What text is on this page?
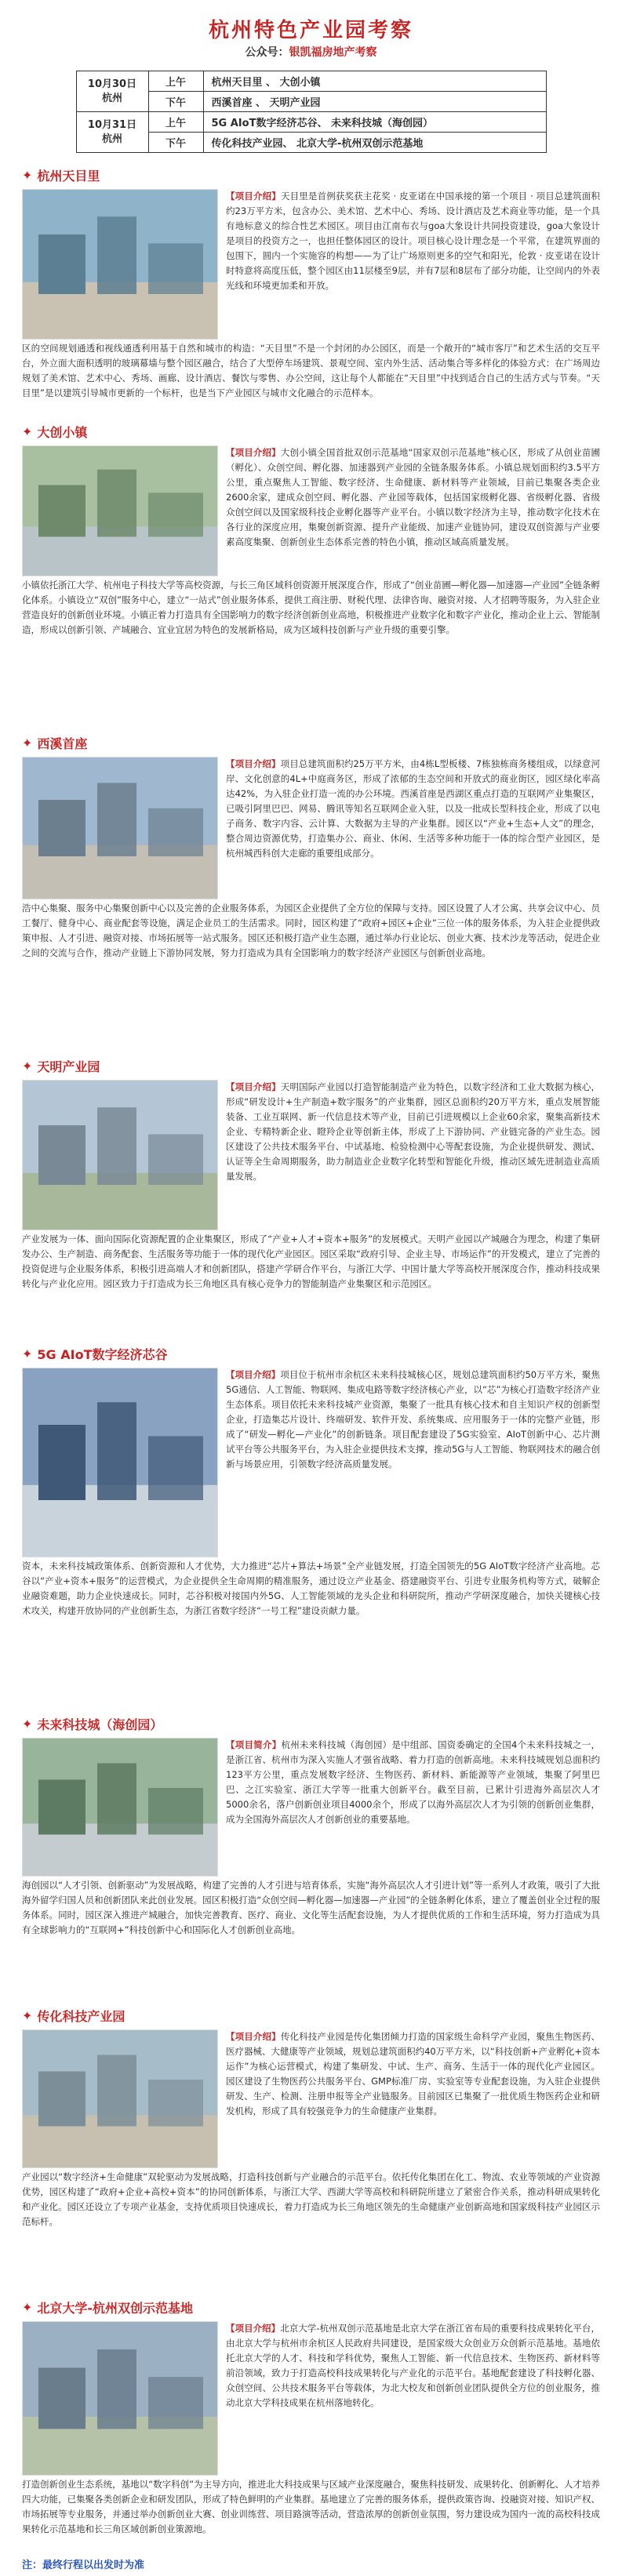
杭州特色产业园考察
公众号：银凯福房地产考察
10月30日 杭州	上午	杭州天目里 、 大创小镇
	下午	西溪首座 、 天明产业园
10月31日 杭州	上午	5G AIoT数字经济芯谷、 未来科技城（海创园）
	下午	传化科技产业园、 北京大学-杭州双创示范基地
✦ 杭州天目里
【项目介绍】天目里是首例获奖获主花奖 · 皮亚诺在中国承接的第一个项目 · 项目总建筑面积约23万平方米，包含办公、美术馆、艺术中心、秀场、设计酒店及艺术商业等功能，是一个具有地标意义的综合性艺术园区。项目由江南布衣与goa大象设计共同投资建设，goa大象设计是项目的投资方之一，也担任整体园区的设计。项目核心设计理念是一个平常，在建筑界面的包围下，圆内一个实施容的构想——为了让广场原则更多的空气和阳光，伦敦 · 皮亚诺在设计时特意将高度压低，整个园区由11层楼至9层，并有7层和8层布了部分功能，让空间内的外表光线和环境更加柔和开放。
区的空间规划通透和视线通透利用基于自然和城市的构造：“天目里”不是一个封闭的办公园区，而是一个敞开的“城市客厅”和艺术生活的交互平台，外立面大面积透明的玻璃幕墙与整个园区融合，结合了大型停车场建筑、景观空间、室内外生活、活动集合等多样化的体验方式：在广场周边规划了美术馆、艺术中心、秀场、画廊、设计酒店、餐饮与零售、办公空间，这让每个人都能在“天目里”中找到适合自己的生活方式与节奏。“天目里”是以建筑引导城市更新的一个标杆，也是当下产业园区与城市文化融合的示范样本。
✦ 大创小镇
【项目介绍】大创小镇全国首批双创示范基地“国家双创示范基地”核心区，形成了从创业苗圃（孵化）、众创空间、孵化器、加速器到产业园的全链条服务体系。小镇总规划面积约3.5平方公里，重点聚焦人工智能、数字经济、生命健康、新材料等产业领域，目前已集聚各类企业2600余家，建成众创空间、孵化器、产业园等载体，包括国家级孵化器、省级孵化器、省级众创空间以及国家级科技企业孵化器等产业平台。小镇以数字经济为主导，推动数字化技术在各行业的深度应用，集聚创新资源、提升产业能级、加速产业链协同，建设双创资源与产业要素高度集聚、创新创业生态体系完善的特色小镇，推动区域高质量发展。
小镇依托浙江大学、杭州电子科技大学等高校资源，与长三角区域科创资源开展深度合作，形成了“创业苗圃—孵化器—加速器—产业园”全链条孵化体系。小镇设立“双创”服务中心，建立“一站式”创业服务体系，提供工商注册、财税代理、法律咨询、融资对接、人才招聘等服务，为入驻企业营造良好的创新创业环境。小镇正着力打造具有全国影响力的数字经济创新创业高地，积极推进产业数字化和数字产业化，推动企业上云、智能制造，形成以创新引领、产城融合、宜业宜居为特色的发展新格局，成为区域科技创新与产业升级的重要引擎。
✦ 西溪首座
【项目介绍】项目总建筑面积约25万平方米，由4栋L型板楼、7栋独栋商务楼组成，以绿意河岸、文化创意的4L+中庭商务区，形成了浓郁的生态空间和开放式的商业街区，园区绿化率高达42%，为入驻企业打造一流的办公环境。西溪首座是西湖区重点打造的互联网产业集聚区，已吸引阿里巴巴、网易、腾讯等知名互联网企业入驻，以及一批成长型科技企业，形成了以电子商务、数字内容、云计算、大数据为主导的产业集群。园区以“产业+生态+人文”的理念，整合周边资源优势，打造集办公、商业、休闲、生活等多种功能于一体的综合型产业园区，是杭州城西科创大走廊的重要组成部分。
浩中心集聚、服务中心集聚创新中心以及完善的企业服务体系，为园区企业提供了全方位的保障与支持。园区设置了人才公寓、共享会议中心、员工餐厅、健身中心、商业配套等设施，满足企业员工的生活需求。同时，园区构建了“政府+园区+企业”三位一体的服务体系，为入驻企业提供政策申报、人才引进、融资对接、市场拓展等一站式服务。园区还积极打造产业生态圈，通过举办行业论坛、创业大赛、技术沙龙等活动，促进企业之间的交流与合作，推动产业链上下游协同发展，努力打造成为具有全国影响力的数字经济产业园区与创新创业高地。
✦ 天明产业园
【项目介绍】天明国际产业园以打造智能制造产业为特色，以数字经济和工业大数据为核心，形成“研发设计+生产制造+数字服务”的产业集群，园区总面积约20万平方米，重点发展智能装备、工业互联网、新一代信息技术等产业，目前已引进规模以上企业60余家，聚集高新技术企业、专精特新企业、瞪羚企业等创新主体，形成了上下游协同、产业链完备的产业生态。园区建设了公共技术服务平台、中试基地、检验检测中心等配套设施，为企业提供研发、测试、认证等全生命周期服务，助力制造业企业数字化转型和智能化升级，推动区域先进制造业高质量发展。
产业发展为一体、面向国际化资源配置的企业集聚区，形成了“产业+人才+资本+服务”的发展模式。天明产业园以产城融合为理念，构建了集研发办公、生产制造、商务配套、生活服务等功能于一体的现代化产业园区。园区采取“政府引导、企业主导、市场运作”的开发模式，建立了完善的投资促进与企业服务体系，积极引进高端人才和创新团队，搭建产学研合作平台，与浙江大学、中国计量大学等高校开展深度合作，推动科技成果转化与产业化应用。园区致力于打造成为长三角地区具有核心竞争力的智能制造产业集聚区和示范园区。
✦ 5G AIoT数字经济芯谷
【项目介绍】项目位于杭州市余杭区未来科技城核心区，规划总建筑面积约50万平方米，聚焦5G通信、人工智能、物联网、集成电路等数字经济核心产业，以“芯”为核心打造数字经济产业生态体系。项目依托未来科技城产业资源，集聚了一批具有核心技术和自主知识产权的创新型企业，打造集芯片设计、终端研发、软件开发、系统集成、应用服务于一体的完整产业链，形成了“研发—孵化—产业化”的创新链条。项目配套建设了5G实验室、AIoT创新中心、芯片测试平台等公共服务平台，为入驻企业提供技术支撑，推动5G与人工智能、物联网技术的融合创新与场景应用，引领数字经济高质量发展。
资本，未来科技城政策体系、创新资源和人才优势，大力推进“芯片+算法+场景”全产业链发展，打造全国领先的5G AIoT数字经济产业高地。芯谷以“产业+资本+服务”的运营模式，为企业提供全生命周期的精准服务，通过设立产业基金、搭建融资平台、引进专业服务机构等方式，破解企业融资难题，助力企业快速成长。同时，芯谷积极对接国内外5G、人工智能领域的龙头企业和科研院所，推动产学研深度融合，加快关键核心技术攻关，构建开放协同的产业创新生态，为浙江省数字经济“一号工程”建设贡献力量。
✦ 未来科技城（海创园）
【项目简介】杭州未来科技城（海创园）是中组部、国资委确定的全国4个未来科技城之一，是浙江省、杭州市为深入实施人才强省战略、着力打造的创新高地。未来科技城规划总面积约123平方公里，重点发展数字经济、生物医药、新材料、新能源等产业领域，集聚了阿里巴巴、之江实验室、浙江大学等一批重大创新平台。截至目前，已累计引进海外高层次人才5000余名，落户创新创业项目4000余个，形成了以海外高层次人才为引领的创新创业集群，成为全国海外高层次人才创新创业的重要基地。
海创园以“人才引领、创新驱动”为发展战略，构建了完善的人才引进与培育体系，实施“海外高层次人才引进计划”等一系列人才政策，吸引了大批海外留学归国人员和创新团队来此创业发展。园区积极打造“众创空间—孵化器—加速器—产业园”的全链条孵化体系，建立了覆盖创业全过程的服务体系。同时，园区深入推进产城融合，加快完善教育、医疗、商业、文化等生活配套设施，为人才提供优质的工作和生活环境，努力打造成为具有全球影响力的“互联网+”科技创新中心和国际化人才创新创业高地。
✦ 传化科技产业园
【项目介绍】传化科技产业园是传化集团倾力打造的国家级生命科学产业园，聚焦生物医药、医疗器械、大健康等产业领域，规划总建筑面积约40万平方米，以“科技创新+产业孵化+资本运作”为核心运营模式，构建了集研发、中试、生产、商务、生活于一体的现代化产业园区。园区建设了生物医药公共服务平台、GMP标准厂房、实验室等专业配套设施，为入驻企业提供研发、生产、检测、注册申报等全产业链服务。目前园区已集聚了一批优质生物医药企业和研发机构，形成了具有较强竞争力的生命健康产业集群。
产业园以“数字经济+生命健康”双轮驱动为发展战略，打造科技创新与产业融合的示范平台。依托传化集团在化工、物流、农业等领域的产业资源优势，园区构建了“政府+企业+高校+资本”的协同创新体系，与浙江大学、西湖大学等高校和科研院所建立了紧密合作关系，推动科研成果转化和产业化。园区还设立了专项产业基金，支持优质项目快速成长，着力打造成为长三角地区领先的生命健康产业创新高地和国家级科技产业园区示范标杆。
✦ 北京大学-杭州双创示范基地
【项目介绍】北京大学-杭州双创示范基地是北京大学在浙江省布局的重要科技成果转化平台，由北京大学与杭州市余杭区人民政府共同建设，是国家级大众创业万众创新示范基地。基地依托北京大学的人才、科技和学科优势，聚焦人工智能、新一代信息技术、生物医药、新材料等前沿领域，致力于打造高校科技成果转化与产业化的示范平台。基地配套建设了科技孵化器、众创空间、公共技术服务平台等载体，为北大校友和创新创业团队提供全方位的创业服务，推动北京大学科技成果在杭州落地转化。
打造创新创业生态系统，基地以“数字科创”为主导方向，推进北大科技成果与区域产业深度融合，聚焦科技研发、成果转化、创新孵化、人才培养四大功能，已集聚各类创新企业和研发团队，形成了特色鲜明的产业集群。基地建立了完善的服务体系，提供政策咨询、投融资对接、知识产权、市场拓展等专业服务，并通过举办创新创业大赛、创业训练营、项目路演等活动，营造浓厚的创新创业氛围，努力建设成为国内一流的高校科技成果转化示范基地和长三角区域创新创业策源地。
注：最终行程以出发时为准
